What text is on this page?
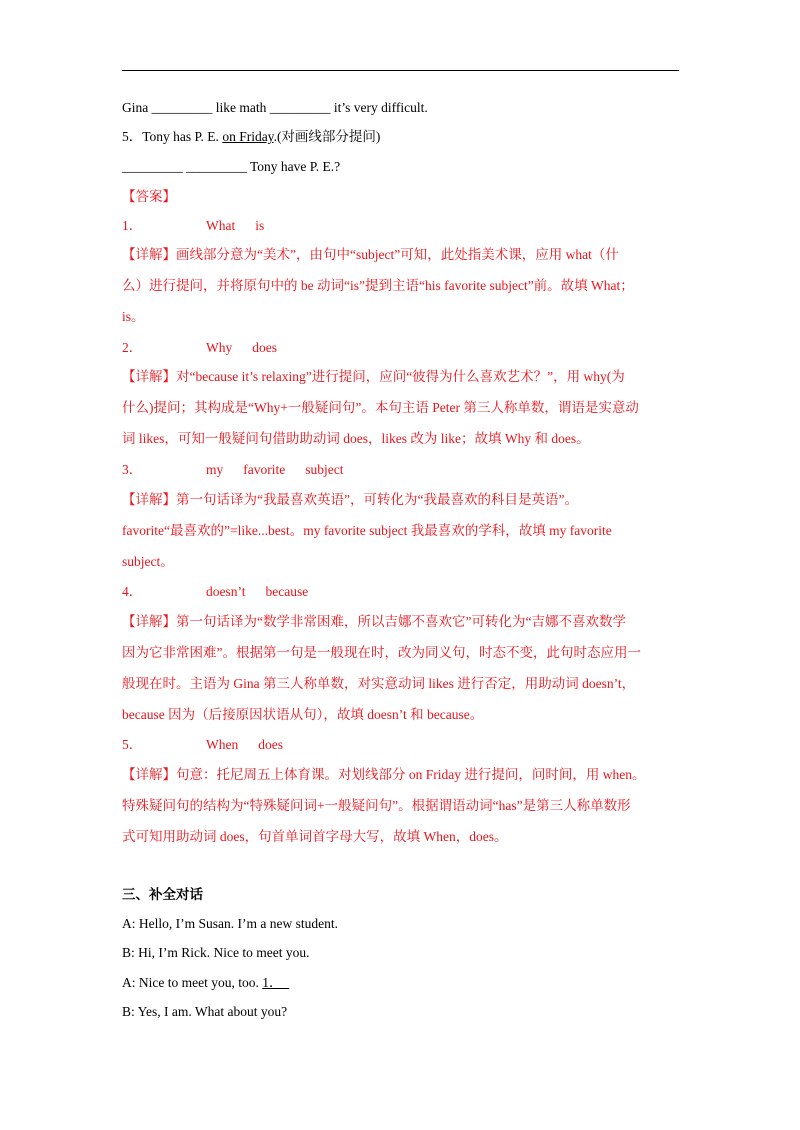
Gina _________ like math _________ it’s very difficult.
5．Tony has P. E. on Friday.(对画线部分提问)
_________ _________ Tony have P. E.?
【答案】
1．	What is
【详解】画线部分意为“美术”，由句中“subject”可知，此处指美术课，应用 what（什
么）进行提问，并将原句中的 be 动词“is”提到主语“his favorite subject”前。故填 What；
is。
2．	Why does
【详解】对“because it’s relaxing”进行提问，应问“彼得为什么喜欢艺术？”，用 why(为
什么)提问；其构成是“Why+一般疑问句”。本句主语 Peter 第三人称单数，谓语是实意动
词 likes，可知一般疑问句借助助动词 does，likes 改为 like；故填 Why 和 does。
3．	my favorite subject
【详解】第一句话译为“我最喜欢英语”，可转化为“我最喜欢的科目是英语”。
favorite“最喜欢的”=like...best。my favorite subject 我最喜欢的学科，故填 my favorite
subject。
4．	doesn’t because
【详解】第一句话译为“数学非常困难，所以吉娜不喜欢它”可转化为“吉娜不喜欢数学
因为它非常困难”。根据第一句是一般现在时，改为同义句，时态不变，此句时态应用一
般现在时。主语为 Gina 第三人称单数，对实意动词 likes 进行否定，用助动词 doesn’t，
because 因为（后接原因状语从句），故填 doesn’t 和 because。
5．	When does
【详解】句意：托尼周五上体育课。对划线部分 on Friday 进行提问，问时间，用 when。
特殊疑问句的结构为“特殊疑问词+一般疑问句”。根据谓语动词“has”是第三人称单数形
式可知用助动词 does，句首单词首字母大写，故填 When，does。
三、补全对话
A: Hello, I’m Susan. I’m a new student.
B: Hi, I’m Rick. Nice to meet you.
A: Nice to meet you, too. 1．
B: Yes, I am. What about you?
